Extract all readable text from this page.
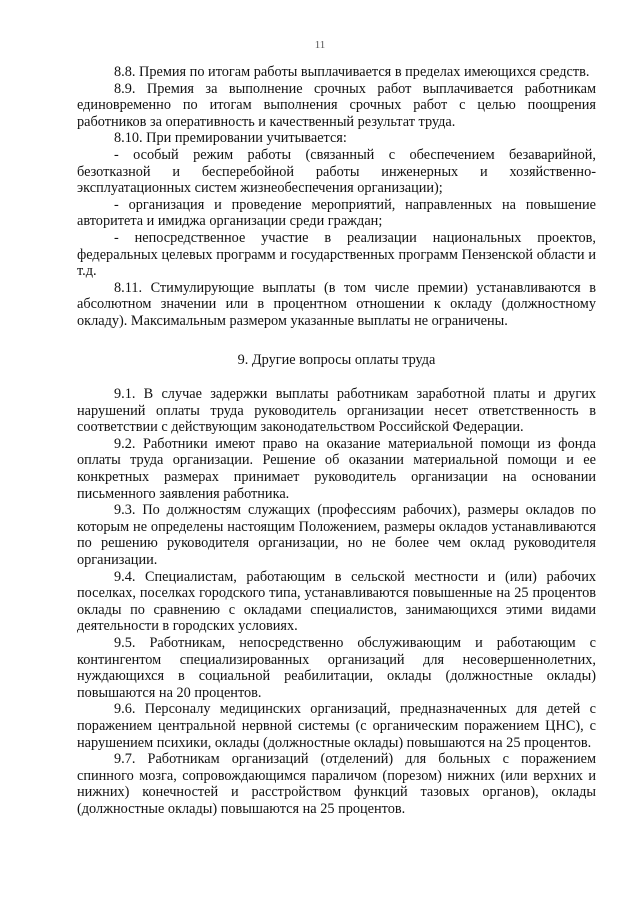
11

8.8. Премия по итогам работы выплачивается в пределах имеющихся средств.

8.9. Премия за выполнение срочных работ выплачивается работникам единовременно по итогам выполнения срочных работ с целью поощрения работников за оперативность и качественный результат труда.

8.10. При премировании учитывается:

- особый режим работы (связанный с обеспечением безаварийной, безотказной и бесперебойной работы инженерных и хозяйственно-эксплуатационных систем жизнеобеспечения организации);

- организация и проведение мероприятий, направленных на повышение авторитета и имиджа организации среди граждан;

- непосредственное участие в реализации национальных проектов, федеральных целевых программ и государственных программ Пензенской области и т.д.

8.11. Стимулирующие выплаты (в том числе премии) устанавливаются в абсолютном значении или в процентном отношении к окладу (должностному окладу). Максимальным размером указанные выплаты не ограничены.

9. Другие вопросы оплаты труда

9.1. В случае задержки выплаты работникам заработной платы и других нарушений оплаты труда руководитель организации несет ответственность в соответствии с действующим законодательством Российской Федерации.

9.2. Работники имеют право на оказание материальной помощи из фонда оплаты труда организации. Решение об оказании материальной помощи и ее конкретных размерах принимает руководитель организации на основании письменного заявления работника.

9.3. По должностям служащих (профессиям рабочих), размеры окладов по которым не определены настоящим Положением, размеры окладов устанавливаются по решению руководителя организации, но не более чем оклад руководителя организации.

9.4. Специалистам, работающим в сельской местности и (или) рабочих поселках, поселках городского типа, устанавливаются повышенные на 25 процентов оклады по сравнению с окладами специалистов, занимающихся этими видами деятельности в городских условиях.

9.5. Работникам, непосредственно обслуживающим и работающим с контингентом специализированных организаций для несовершеннолетних, нуждающихся в социальной реабилитации, оклады (должностные оклады) повышаются на 20 процентов.

9.6. Персоналу медицинских организаций, предназначенных для детей с поражением центральной нервной системы (с органическим поражением ЦНС), с нарушением психики, оклады (должностные оклады) повышаются на 25 процентов.

9.7. Работникам организаций (отделений) для больных с поражением спинного мозга, сопровождающимся параличом (порезом) нижних (или верхних и нижних) конечностей и расстройством функций тазовых органов), оклады (должностные оклады) повышаются на 25 процентов.
